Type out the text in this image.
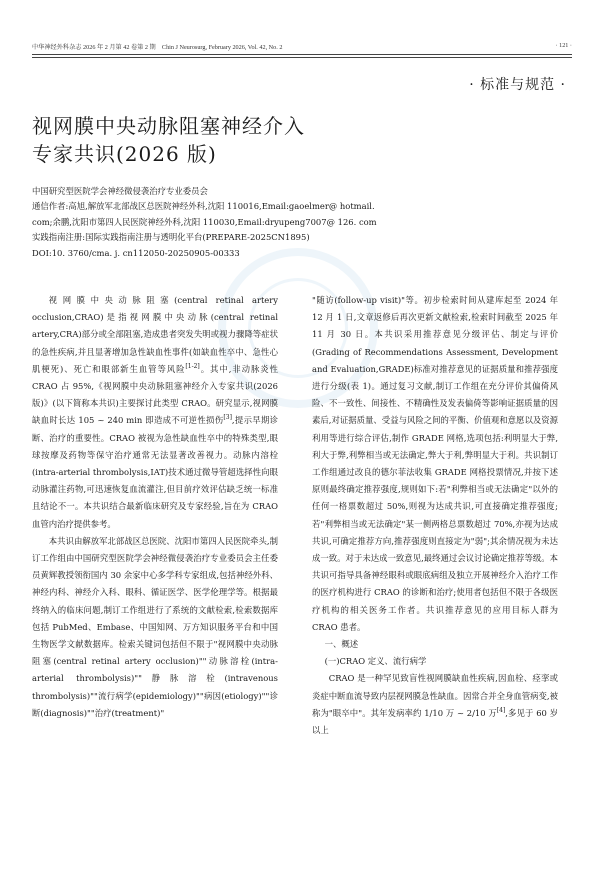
中华神经外科杂志 2026 年 2 月第 42 卷第 2 期　Chin J Neurosurg, February 2026, Vol. 42, No. 2	· 121 ·
· 标准与规范 ·
视网膜中央动脉阻塞神经介入
专家共识(2026 版)
中国研究型医院学会神经微侵袭治疗专业委员会
通信作者:高旭,解放军北部战区总医院神经外科,沈阳 110016,Email:gaoelmer@ hotmail.
com;余鹏,沈阳市第四人民医院神经外科,沈阳 110030,Email:dryupeng7007@ 126. com
实践指南注册:国际实践指南注册与透明化平台(PREPARE-2025CN1895)
DOI:10. 3760/cma. j. cn112050-20250905-00333

视网膜中央动脉阻塞(central retinal artery occlusion,CRAO)是指视网膜中央动脉(central retinal artery,CRA)部分或全部阻塞,造成患者突发失明或视力骤降等症状的急性疾病,并且显著增加急性缺血性事件(如缺血性卒中、急性心肌梗死)、死亡和眼部新生血管等风险[1-2]。其中,非动脉炎性 CRAO 占 95%,《视网膜中央动脉阻塞神经介入专家共识(2026 版)》(以下简称本共识)主要探讨此类型 CRAO。研究显示,视网膜缺血时长达 105 ~ 240 min 即造成不可逆性损伤[3],提示早期诊断、治疗的重要性。CRAO 被视为急性缺血性卒中的特殊类型,眼球按摩及药物等保守治疗通常无法显著改善视力。动脉内溶栓(intra-arterial thrombolysis,IAT)技术通过微导管超选择性向眼动脉灌注药物,可迅速恢复血流灌注,但目前疗效评估缺乏统一标准且结论不一。本共识结合最新临床研究及专家经验,旨在为 CRAO 血管内治疗提供参考。

本共识由解放军北部战区总医院、沈阳市第四人民医院牵头,制订工作组由中国研究型医院学会神经微侵袭治疗专业委员会主任委员黄辉教授领衔国内 30 余家中心多学科专家组成,包括神经外科、神经内科、神经介入科、眼科、循证医学、医学伦理学等。根据最终纳入的临床问题,制订工作组进行了系统的文献检索,检索数据库包括 PubMed、Embase、中国知网、万方知识服务平台和中国生物医学文献数据库。检索关键词包括但不限于"视网膜中央动脉阻塞(central retinal artery occlusion)""动脉溶栓(intra-arterial thrombolysis)""静脉溶栓(intravenous thrombolysis)""流行病学(epidemiology)""病因(etiology)""诊断(diagnosis)""治疗(treatment)"

"随访(follow-up visit)"等。初步检索时间从建库起至 2024 年 12 月 1 日,文章返修后再次更新文献检索,检索时间截至 2025 年 11 月 30 日。本共识采用推荐意见分级评估、制定与评价(Grading of Recommendations Assessment, Development and Evaluation,GRADE)标准对推荐意见的证据质量和推荐强度进行分级(表 1)。通过复习文献,制订工作组在充分评价其偏倚风险、不一致性、间接性、不精确性及发表偏倚等影响证据质量的因素后,对证据质量、受益与风险之间的平衡、价值观和意愿以及资源利用等进行综合评估,制作 GRADE 网格,选项包括:利明显大于弊,利大于弊,利弊相当或无法确定,弊大于利,弊明显大于利。共识制订工作组通过改良的德尔菲法收集 GRADE 网格投票情况,并按下述原则最终确定推荐强度,规则如下:若"利弊相当或无法确定"以外的任何一格票数超过 50%,则视为达成共识,可直接确定推荐强度;若"利弊相当或无法确定"某一侧两格总票数超过 70%,亦视为达成共识,可确定推荐方向,推荐强度则直接定为"弱";其余情况视为未达成一致。对于未达成一致意见,最终通过会议讨论确定推荐等级。本共识可指导具备神经眼科或眼底病组及独立开展神经介入治疗工作的医疗机构进行 CRAO 的诊断和治疗;使用者包括但不限于各级医疗机构的相关医务工作者。共识推荐意见的应用目标人群为 CRAO 患者。

一、概述

(一)CRAO 定义、流行病学

CRAO 是一种罕见致盲性视网膜缺血性疾病,因血栓、痉挛或炎症中断血流导致内层视网膜急性缺血。因常合并全身血管病变,被称为"眼卒中"。其年发病率约 1/10 万 ~ 2/10 万[4],多见于 60 岁以上
